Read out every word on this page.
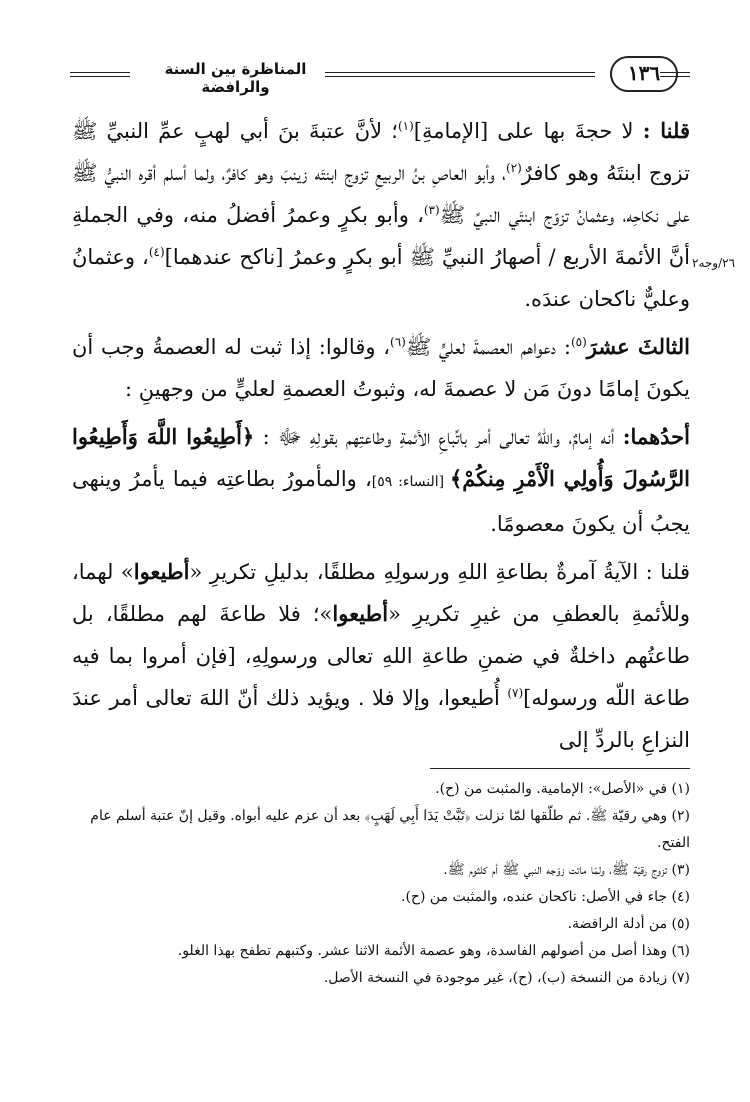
المناظرة بين السنة والرافضة
١٣٦
٢٦/وجه٢

قلنا : لا حجةَ بها على [الإمامةِ]$^{(١)}$؛ لأنَّ عتبةَ بنَ أبي لهبٍ عمِّ النبيِّ ﷺ تزوج ابنتَهُ وهو كافرٌ$^{(٢)}$، وأبو العاصِ بنُ الربيعِ تزوج ابنتَه زينبَ وهو كافرٌ، ولما أسلم أقره النبيُّ ﷺ على نكاحِه، وعثمانُ تزوّج ابنتَي النبيِّ ﷺ$^{(٣)}$، وأبو بكرٍ وعمرُ أفضلُ منه، وفي الجملةِ أنَّ الأئمةَ الأربع / أصهارُ النبيِّ ﷺ أبو بكرٍ وعمرُ [ناكح عندهما]$^{(٤)}$، وعثمانُ وعليٌّ ناكحان عندَه.

الثالثَ عشرَ$^{(٥)}$: دعواهم العصمةَ لعليٍّ ﷺ$^{(٦)}$، وقالوا: إذا ثبت له العصمةُ وجب أن يكونَ إمامًا دونَ مَن لا عصمةَ له، وثبوتُ العصمةِ لعليٍّ من وجهينِ :

أحدُهما: أنه إمامٌ، واللهُ تعالى أمر باتِّباعِ الأئمةِ وطاعتِهم بقولِهِ ﷻ : ﴿أَطِيعُوا اللَّهَ وَأَطِيعُوا الرَّسُولَ وَأُولِي الْأَمْرِ مِنكُمْ﴾ [النساء: ٥٩]، والمأمورُ بطاعتِه فيما يأمرُ وينهى يجبُ أن يكونَ معصومًا.

قلنا : الآيةُ آمرةٌ بطاعةِ اللهِ ورسولِهِ مطلقًا، بدليلِ تكريرِ «أطيعوا» لهما، وللأئمةِ بالعطفِ من غيرِ تكريرِ «أطيعوا»؛ فلا طاعةَ لهم مطلقًا، بل طاعتُهم داخلةٌ في ضمنِ طاعةِ اللهِ تعالى ورسولِهِ، [فإن أمروا بما فيه طاعة اللّه ورسوله]$^{(٧)}$ أُطيعوا، وإلا فلا . ويؤيد ذلك أنّ اللهَ تعالى أمر عندَ النزاعِ بالردِّ إلى

(١) في «الأصل»: الإمامية. والمثبت من (ح).
(٢) وهي رقيّة ﷺ. ثم طلّقها لمّا نزلت ﴿تَبَّتْ يَدَا أَبِي لَهَبٍ﴾ بعد أن عزم عليه أبواه. وقيل إنّ عتبة أسلم عام الفتح.
(٣) تزوج رقيّة ﷺ، ولمّا ماتت زوّجه النبي ﷺ أم كلثوم ﷺ.
(٤) جاء في الأصل: ناكحان عنده، والمثبت من (ح).
(٥) من أدلة الرافضة.
(٦) وهذا أصل من أصولهم الفاسدة، وهو عصمة الأئمة الاثنا عشر. وكتبهم تطفح بهذا الغلو.
(٧) زيادة من النسخة (ب)، (ح)، غير موجودة في النسخة الأصل.
